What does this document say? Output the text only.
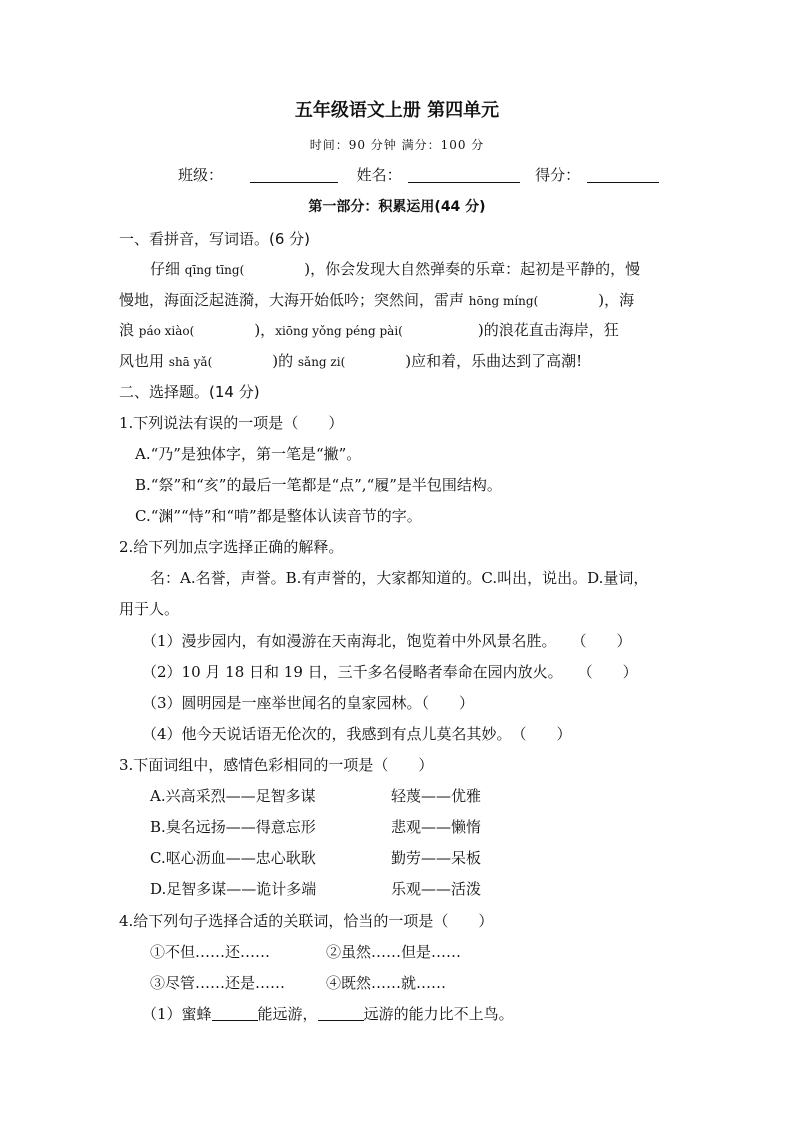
五年级语文上册 第四单元
时间：90 分钟 满分：100 分
班级：	姓名：	得分：
第一部分：积累运用(44 分)
一、看拼音，写词语。(6 分)
仔细 qīng tīng(　　　　)，你会发现大自然弹奏的乐章：起初是平静的，慢
慢地，海面泛起涟漪，大海开始低吟；突然间，雷声 hōng míng(　　　　)，海
浪 páo xiào(　　　　)，xiōng yǒng péng pài(　　　　　)的浪花直击海岸，狂
风也用 shā yǎ(　　　　)的 sǎng zi(　　　　)应和着，乐曲达到了高潮!
二、选择题。(14 分)
1.下列说法有误的一项是（　　）
A.“乃”是独体字，第一笔是“撇”。
B.“祭”和“亥”的最后一笔都是“点”,“履”是半包围结构。
C.“渊”“恃”和“啃”都是整体认读音节的字。
2.给下列加点字选择正确的解释。
名：A.名誉，声誉。B.有声誉的，大家都知道的。C.叫出，说出。D.量词，
用于人。
（1）漫步园内，有如漫游在天南海北，饱览着中外风景名胜。　　（　　）
（2）10 月 18 日和 19 日，三千多名侵略者奉命在园内放火。　　（　　）
（3）圆明园是一座举世闻名的皇家园林。（　　）
（4）他今天说话语无伦次的，我感到有点儿莫名其妙。　（　　）
3.下面词组中，感情色彩相同的一项是（　　）
A.兴高采烈——足智多谋	轻蔑——优雅
B.臭名远扬——得意忘形	悲观——懒惰
C.呕心沥血——忠心耿耿	勤劳——呆板
D.足智多谋——诡计多端	乐观——活泼
4.给下列句子选择合适的关联词，恰当的一项是（　　）
①不但……还……	②虽然……但是……
③尽管……还是……	④既然……就……
（1）蜜蜂	能远游，	远游的能力比不上鸟。
